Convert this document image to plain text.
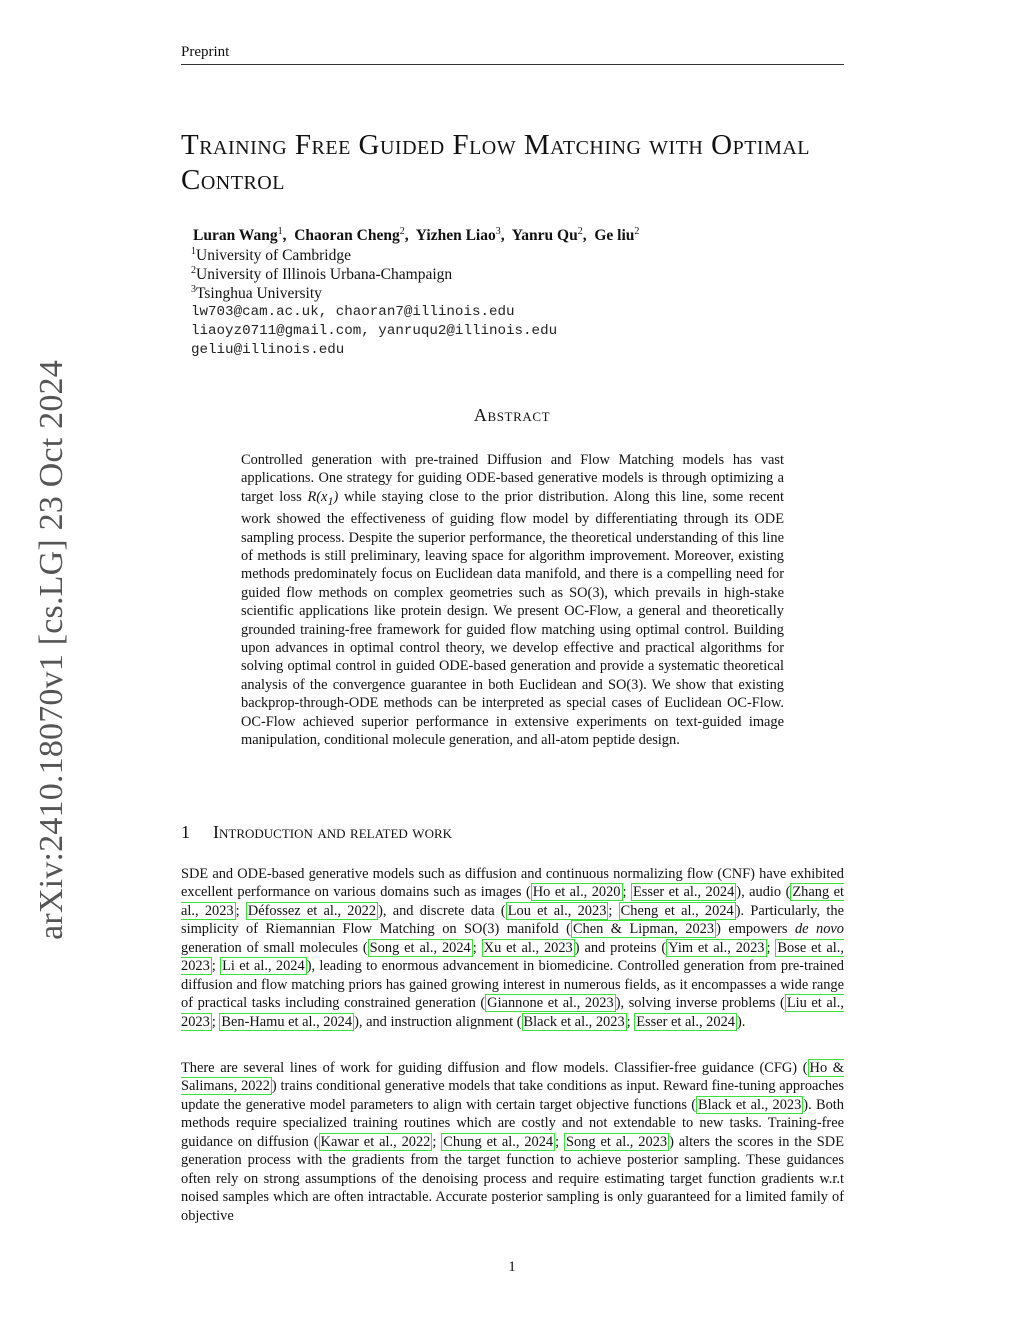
Preprint
arXiv:2410.18070v1 [cs.LG] 23 Oct 2024
Training Free Guided Flow Matching with Optimal Control
Luran Wang$^1$,  Chaoran Cheng$^2$,  Yizhen Liao$^3$,  Yanru Qu$^2$,  Ge liu$^2$
$^1$University of Cambridge
$^2$University of Illinois Urbana-Champaign
$^3$Tsinghua University
lw703@cam.ac.uk, chaoran7@illinois.edu
liaoyz0711@gmail.com, yanruqu2@illinois.edu
geliu@illinois.edu
Abstract
Controlled generation with pre-trained Diffusion and Flow Matching models has vast applications. One strategy for guiding ODE-based generative models is through optimizing a target loss $R(x_1)$ while staying close to the prior distribution. Along this line, some recent work showed the effectiveness of guiding flow model by differentiating through its ODE sampling process. Despite the superior performance, the theoretical understanding of this line of methods is still preliminary, leaving space for algorithm improvement. Moreover, existing methods predominately focus on Euclidean data manifold, and there is a compelling need for guided flow methods on complex geometries such as SO(3), which prevails in high-stake scientific applications like protein design. We present OC-Flow, a general and theoretically grounded training-free framework for guided flow matching using optimal control. Building upon advances in optimal control theory, we develop effective and practical algorithms for solving optimal control in guided ODE-based generation and provide a systematic theoretical analysis of the convergence guarantee in both Euclidean and SO(3). We show that existing backprop-through-ODE methods can be interpreted as special cases of Euclidean OC-Flow. OC-Flow achieved superior performance in extensive experiments on text-guided image manipulation, conditional molecule generation, and all-atom peptide design.
1 Introduction and related work
SDE and ODE-based generative models such as diffusion and continuous normalizing flow (CNF) have exhibited excellent performance on various domains such as images ( Ho et al., 2020 ; Esser et al., 2024 ), audio ( Zhang et al., 2023 ; Défossez et al., 2022 ), and discrete data ( Lou et al., 2023 ; Cheng et al., 2024 ). Particularly, the simplicity of Riemannian Flow Matching on SO(3) manifold ( Chen & Lipman, 2023 ) empowers de novo generation of small molecules ( Song et al., 2024 ; Xu et al., 2023 ) and proteins ( Yim et al., 2023 ; Bose et al., 2023 ; Li et al., 2024 ), leading to enormous advancement in biomedicine. Controlled generation from pre-trained diffusion and flow matching priors has gained growing interest in numerous fields, as it encompasses a wide range of practical tasks including constrained generation ( Giannone et al., 2023 ), solving inverse problems ( Liu et al., 2023 ; Ben-Hamu et al., 2024 ), and instruction alignment ( Black et al., 2023 ; Esser et al., 2024 ).
There are several lines of work for guiding diffusion and flow models. Classifier-free guidance (CFG) ( Ho & Salimans, 2022 ) trains conditional generative models that take conditions as input. Reward fine-tuning approaches update the generative model parameters to align with certain target objective functions ( Black et al., 2023 ). Both methods require specialized training routines which are costly and not extendable to new tasks. Training-free guidance on diffusion ( Kawar et al., 2022 ; Chung et al., 2024 ; Song et al., 2023 ) alters the scores in the SDE generation process with the gradients from the target function to achieve posterior sampling. These guidances often rely on strong assumptions of the denoising process and require estimating target function gradients w.r.t noised samples which are often intractable. Accurate posterior sampling is only guaranteed for a limited family of objective
1
